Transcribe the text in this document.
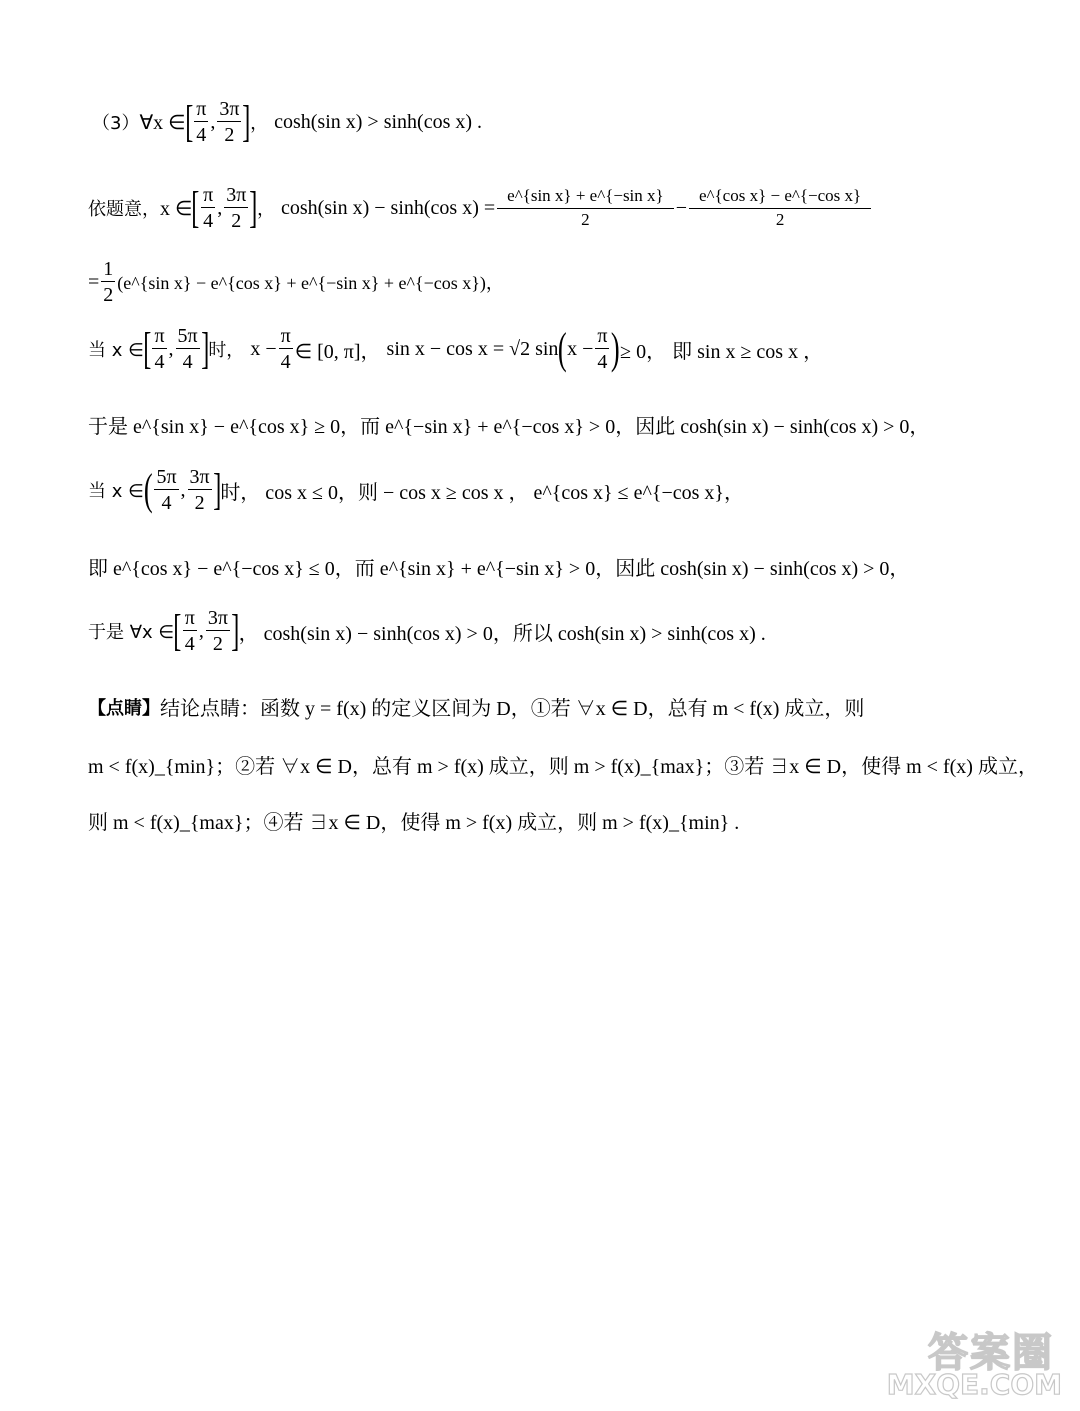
（3） ∀x ∈ [ $\frac{\pi}{4}$ , $\frac{3\pi}{2}$ ] ， cosh(sin x) > sinh(cos x) .
依题意， x ∈ [ $\frac{\pi}{4}$ , $\frac{3\pi}{2}$ ] ， cosh(sin x) − sinh(cos $x) = \frac{\text{e\textasciicircum{}\{sin x\} + e\textasciicircum{}\{−sin x\}}}{2} - \frac{\text{e\textasciicircum{}\{cos x\} − e\textasciicircum{}\{−cos x\}}}{2}$
= $\frac{1}{2}$ (e^{sin x} − e^{cos x} + e^{−sin x} + e^{−cos x})，
当 x ∈ [ $\frac{\pi}{4}$ , $\frac{5\pi}{4}$ ] 时， $x - \frac{\pi}{4}$ ∈ [0, π]， sin x − cos x = √2 sin ( $x - \frac{\pi}{4}$ ) ≥ 0， 即 sin x ≥ cos x ，
于是 e^{sin x} − e^{cos x} ≥ 0，而 e^{−sin x} + e^{−cos x} > 0，因此 cosh(sin x) − sinh(cos x) > 0，
当 x ∈ ( $\frac{5\pi}{4}$ , $\frac{3\pi}{2}$ ] 时， cos x ≤ 0，则 − cos x ≥ cos x ， e^{cos x} ≤ e^{−cos x}，
即 e^{cos x} − e^{−cos x} ≤ 0，而 e^{sin x} + e^{−sin x} > 0，因此 cosh(sin x) − sinh(cos x) > 0，
于是 ∀x ∈ [ $\frac{\pi}{4}$ , $\frac{3\pi}{2}$ ] ， cosh(sin x) − sinh(cos x) > 0，所以 cosh(sin x) > sinh(cos x) .
【点睛】 结论点睛：函数 y = f(x) 的定义区间为 D，①若 ∀x ∈ D，总有 m < f(x) 成立，则
m < f(x)_{min}；②若 ∀x ∈ D，总有 m > f(x) 成立，则 m > f(x)_{max}；③若 ∃x ∈ D，使得 m < f(x) 成立，
则 m < f(x)_{max}；④若 ∃x ∈ D，使得 m > f(x) 成立，则 m > f(x)_{min} .
答案圈
MXQE.COM
